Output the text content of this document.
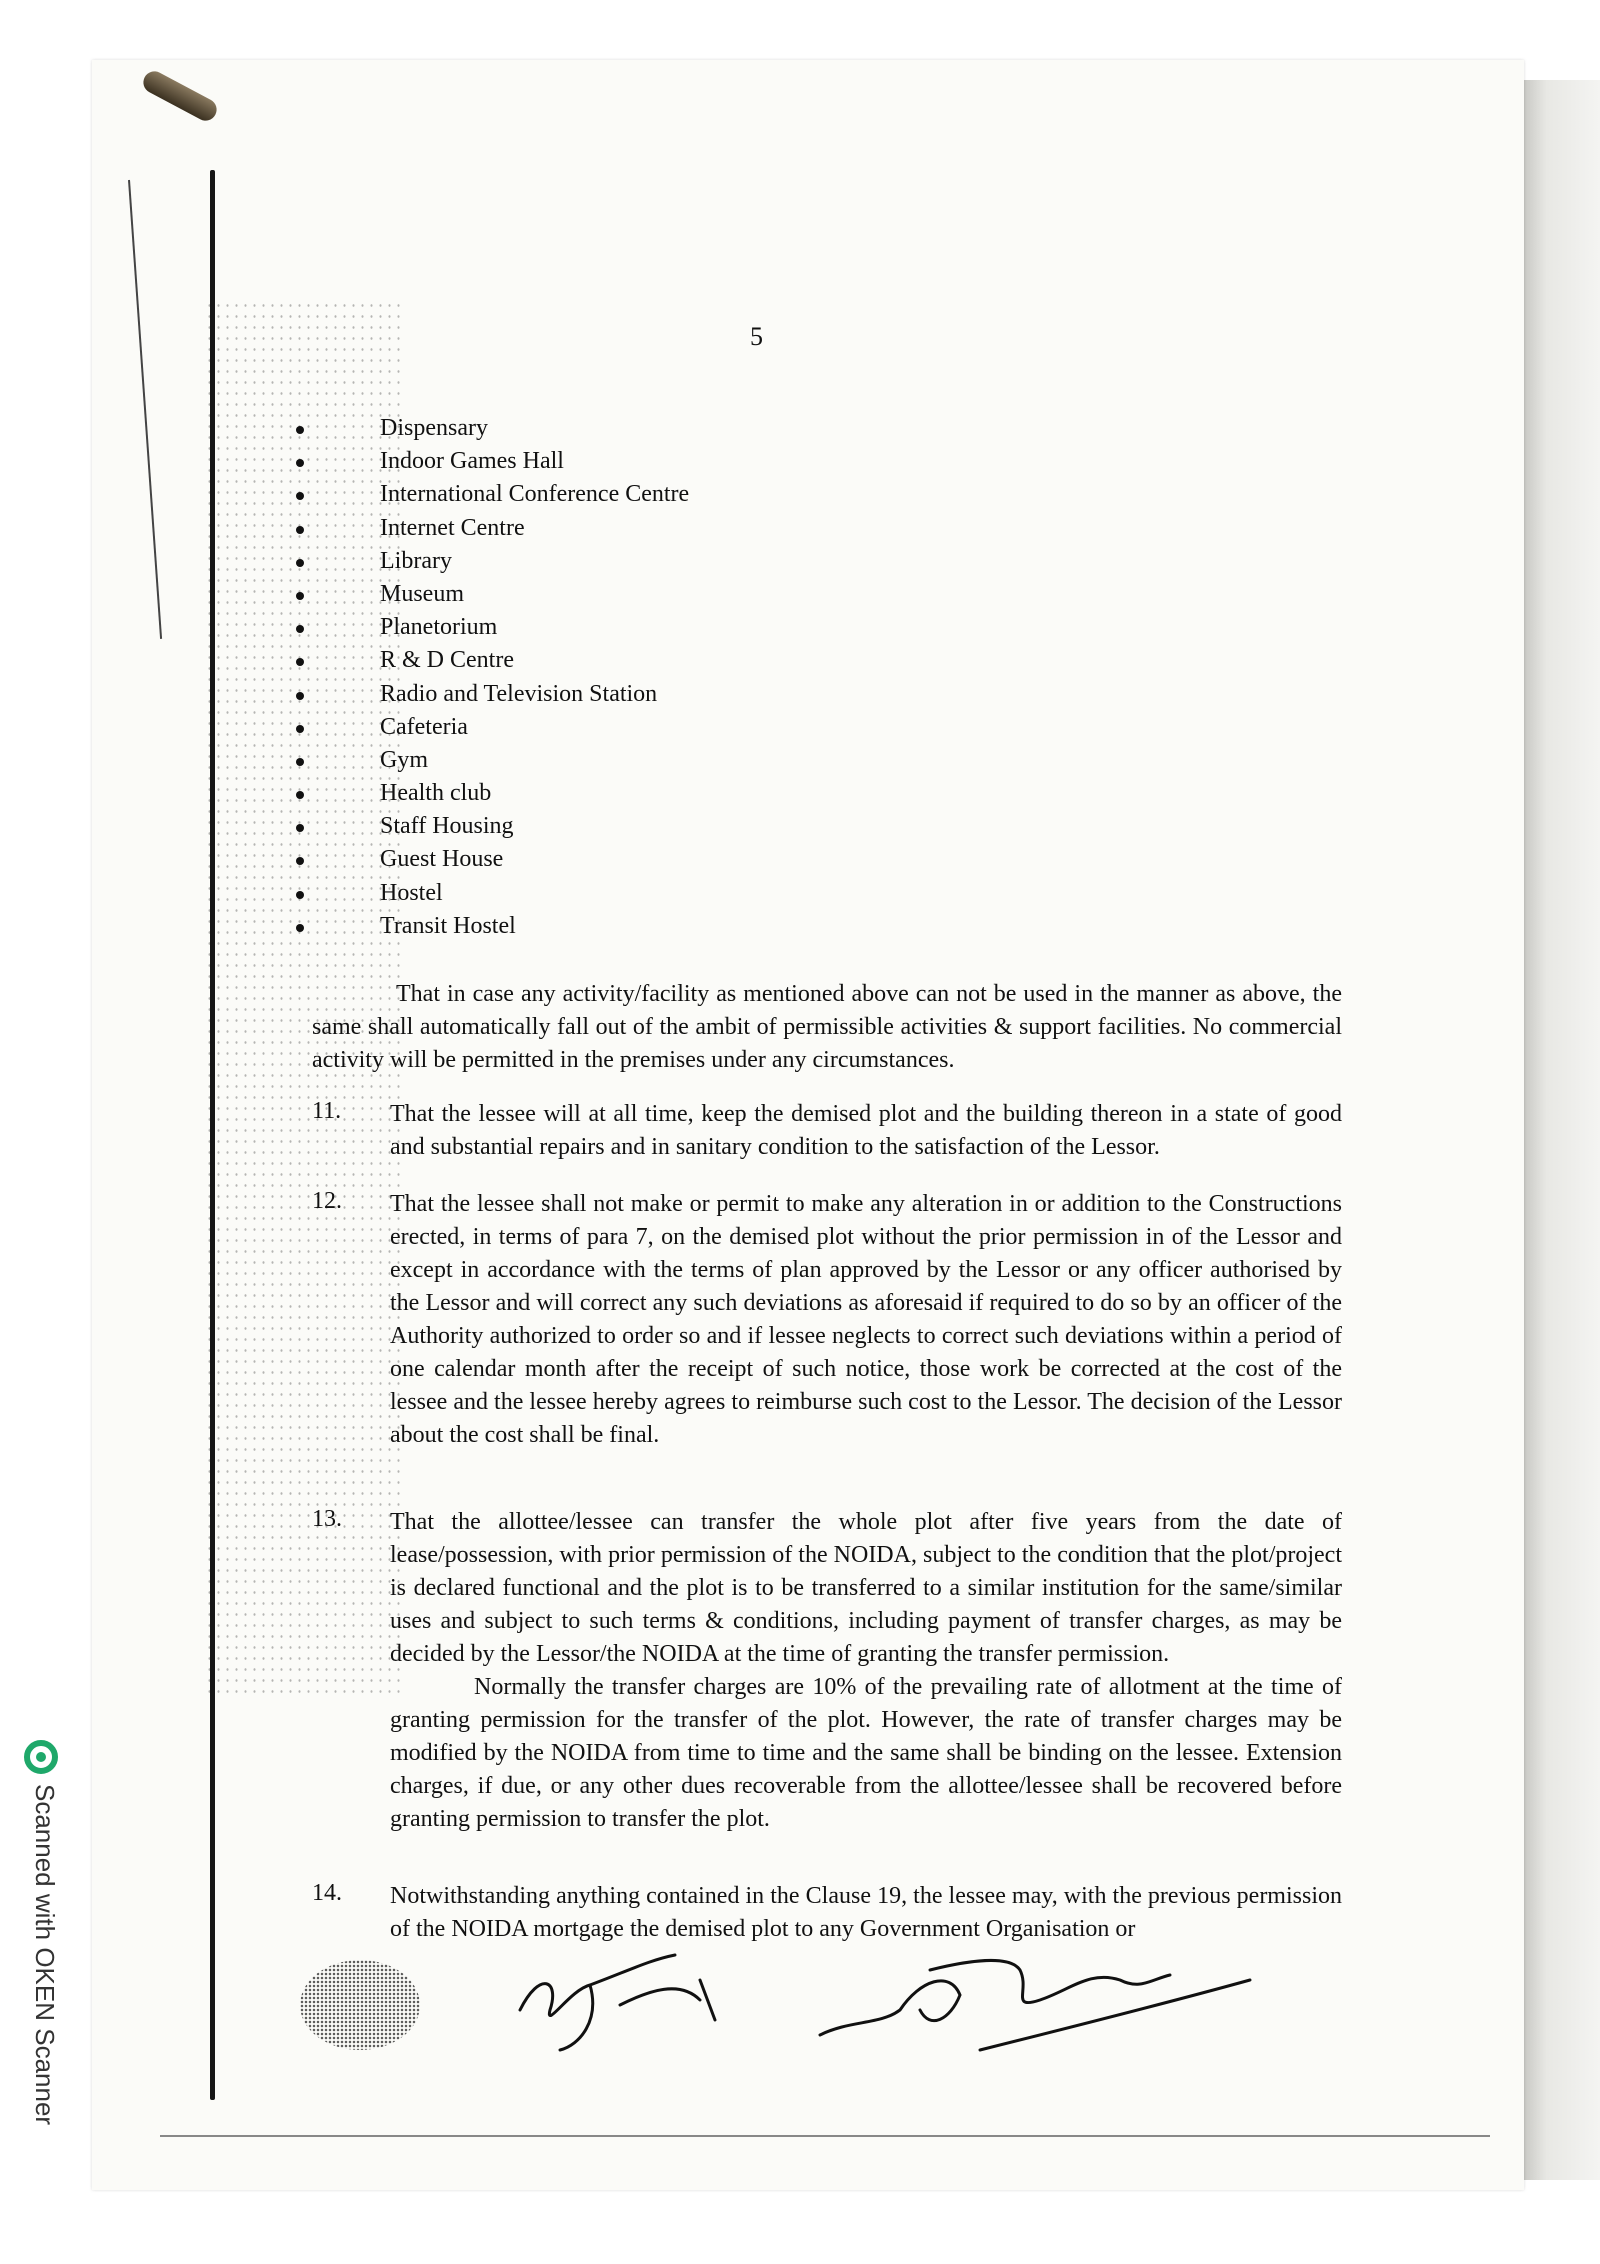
5
Dispensary
Indoor Games Hall
International Conference Centre
Internet Centre
Library
Museum
Planetorium
R & D Centre
Radio and Television Station
Cafeteria
Gym
Health club
Staff Housing
Guest House
Hostel
Transit Hostel
That in case any activity/facility as mentioned above can not be used in the manner as above, the same shall automatically fall out of the ambit of permissible activities & support facilities. No commercial activity will be permitted in the premises under any circumstances.
11. That the lessee will at all time, keep the demised plot and the building thereon in a state of good and substantial repairs and in sanitary condition to the satisfaction of the Lessor.

12. That the lessee shall not make or permit to make any alteration in or addition to the Constructions erected, in terms of para 7, on the demised plot without the prior permission in of the Lessor and except in accordance with the terms of plan approved by the Lessor or any officer authorised by the Lessor and will correct any such deviations as aforesaid if required to do so by an officer of the Authority authorized to order so and if lessee neglects to correct such deviations within a period of one calendar month after the receipt of such notice, those work be corrected at the cost of the lessee and the lessee hereby agrees to reimburse such cost to the Lessor. The decision of the Lessor about the cost shall be final.

13. That the allottee/lessee can transfer the whole plot after five years from the date of lease/possession, with prior permission of the NOIDA, subject to the condition that the plot/project is declared functional and the plot is to be transferred to a similar institution for the same/similar uses and subject to such terms & conditions, including payment of transfer charges, as may be decided by the Lessor/the NOIDA at the time of granting the transfer permission.

Normally the transfer charges are 10% of the prevailing rate of allotment at the time of granting permission for the transfer of the plot. However, the rate of transfer charges may be modified by the NOIDA from time to time and the same shall be binding on the lessee. Extension charges, if due, or any other dues recoverable from the allottee/lessee shall be recovered before granting permission to transfer the plot.

14. Notwithstanding anything contained in the Clause 19, the lessee may, with the previous permission of the NOIDA mortgage the demised plot to any Government Organisation or

Scanned with OKEN Scanner
